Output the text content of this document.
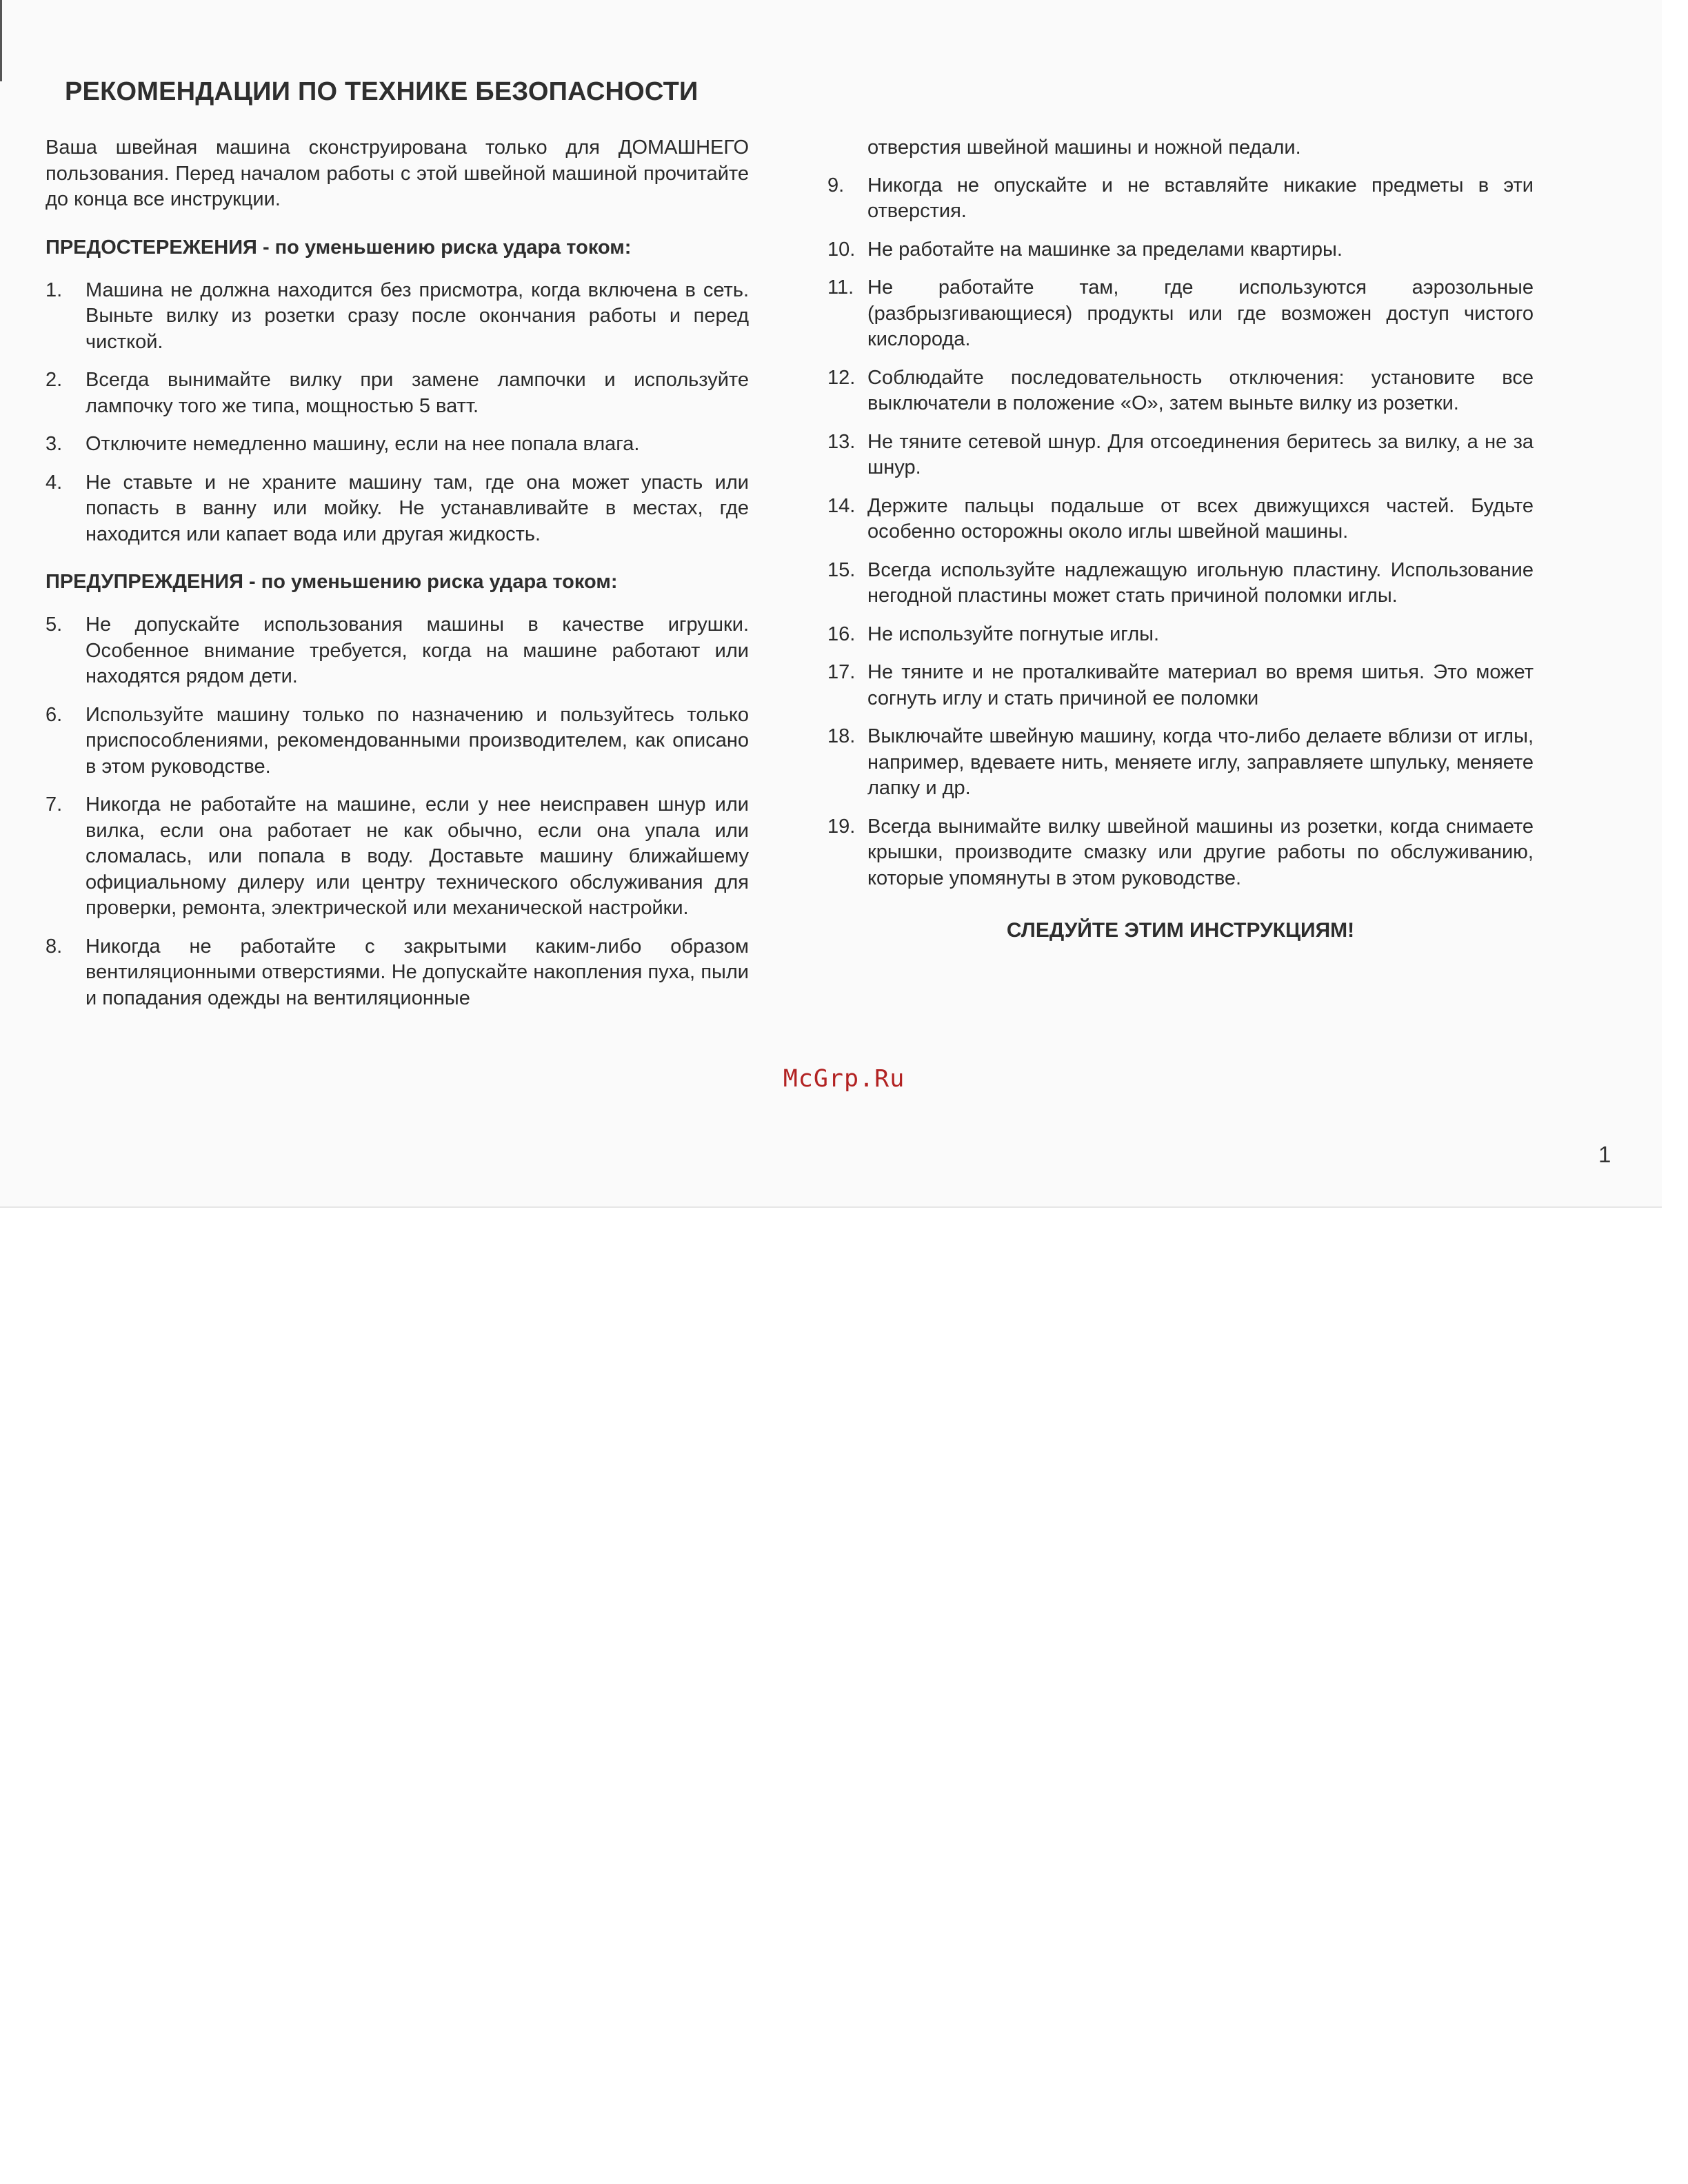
РЕКОМЕНДАЦИИ ПО ТЕХНИКЕ БЕЗОПАСНОСТИ

Ваша швейная машина сконструирована только для ДОМАШНЕГО пользования. Перед началом работы с этой швейной машиной прочитайте до конца все инструкции.

ПРЕДОСТЕРЕЖЕНИЯ - по уменьшению риска удара током:
1.	Машина не должна находится без присмотра, когда включена в сеть. Выньте вилку из розетки сразу после окончания работы и перед чисткой.
2.	Всегда вынимайте вилку при замене лампочки и используйте лампочку того же типа, мощностью 5 ватт.
3.	Отключите немедленно машину, если на нее попала влага.
4.	Не ставьте и не храните машину там, где она может упасть или попасть в ванну или мойку. Не устанавливайте в местах, где находится или капает вода или другая жидкость.
ПРЕДУПРЕЖДЕНИЯ - по уменьшению риска удара током:
5.	Не допускайте использования машины в качестве игрушки. Особенное внимание требуется, когда на машине работают или находятся рядом дети.
6.	Используйте машину только по назначению и пользуйтесь только приспособлениями, рекомендованными производителем, как описано в этом руководстве.
7.	Никогда не работайте на машине, если у нее неисправен шнур или вилка, если она работает не как обычно, если она упала или сломалась, или попала в воду. Доставьте машину ближайшему официальному дилеру или центру технического обслуживания для проверки, ремонта, электрической или механической настройки.
8.	Никогда не работайте с закрытыми каким-либо образом вентиляционными отверстиями. Не допускайте накопления пуха, пыли и попадания одежды на вентиляционные

отверстия швейной машины и ножной педали.

9.	Никогда не опускайте и не вставляйте никакие предметы в эти отверстия.
10. Не работайте на машинке за пределами квартиры.
11. Не работайте там, где используются аэрозольные (разбрызгивающиеся) продукты или где возможен доступ чистого кислорода.
12. Соблюдайте последовательность отключения: установите все выключатели в положение «О», затем выньте вилку из розетки.
13. Не тяните сетевой шнур. Для отсоединения беритесь за вилку, а не за шнур.
14. Держите пальцы подальше от всех движущихся частей. Будьте особенно осторожны около иглы швейной машины.
15. Всегда используйте надлежащую игольную пластину. Использование негодной пластины может стать причиной поломки иглы.
16. Не используйте погнутые иглы.
17. Не тяните и не проталкивайте материал во время шитья. Это может согнуть иглу и стать причиной ее поломки
18. Выключайте швейную машину, когда что-либо делаете вблизи от иглы, например, вдеваете нить, меняете иглу, заправляете шпульку, меняете лапку и др.
19. Всегда вынимайте вилку швейной машины из розетки, когда снимаете крышки, производите смазку или другие работы по обслуживанию, которые упомянуты в этом руководстве.
СЛЕДУЙТЕ ЭТИМ ИНСТРУКЦИЯМ!
McGrp.Ru
1
